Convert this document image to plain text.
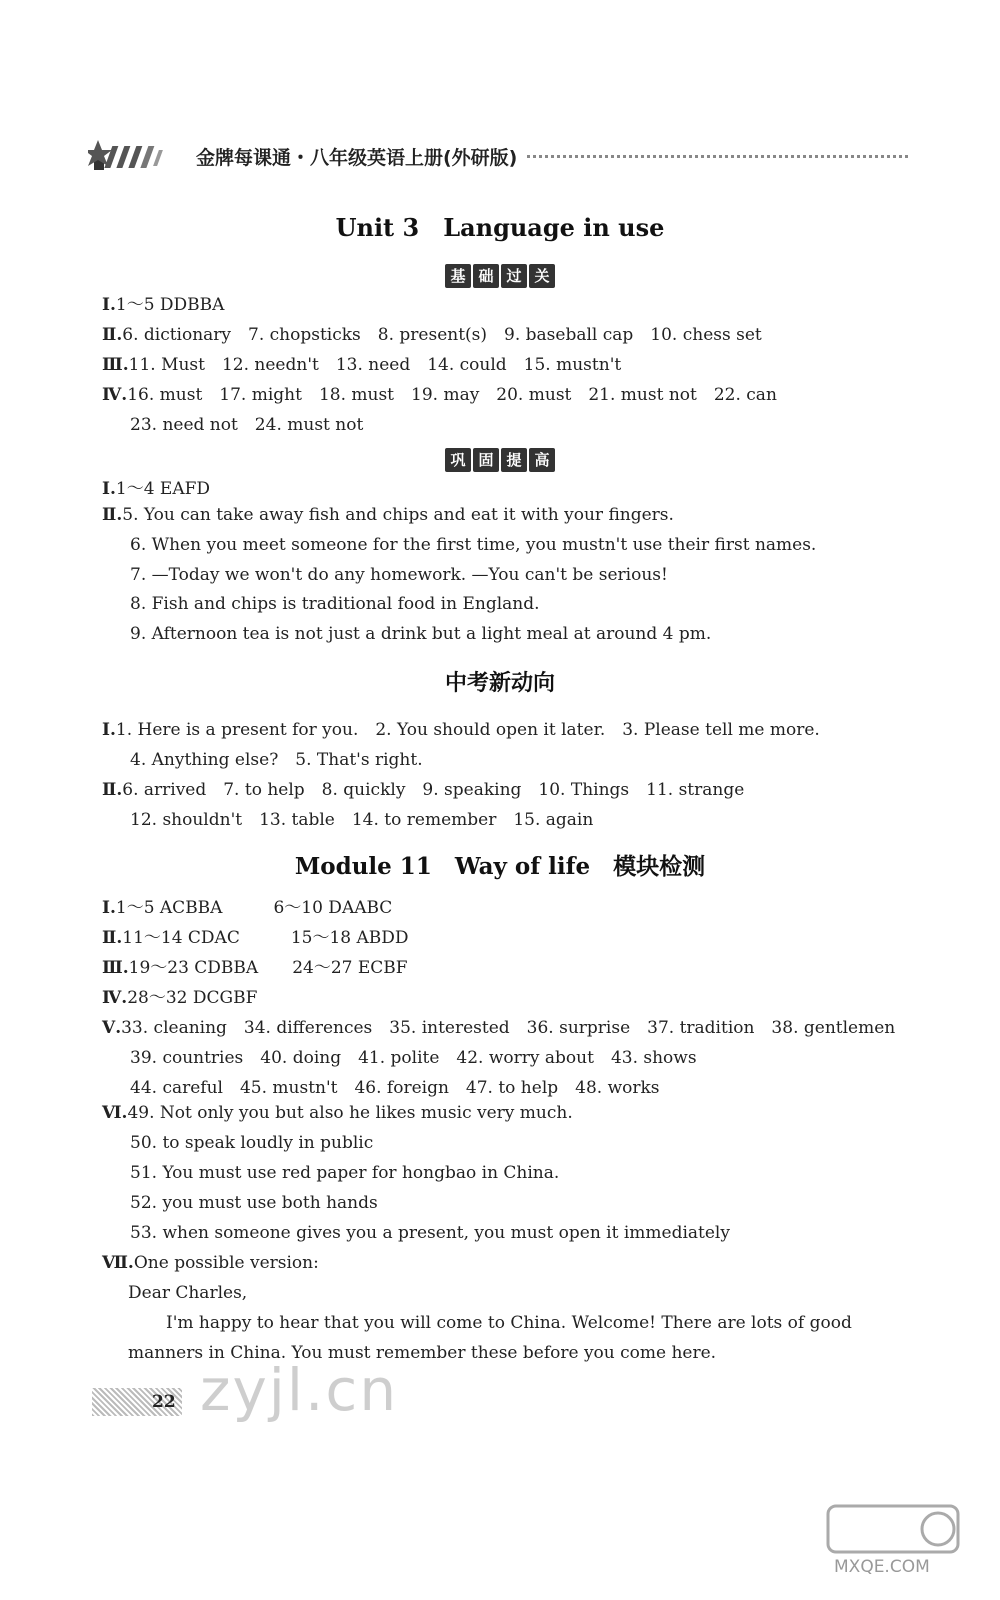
金牌每课通・八年级英语上册(外研版)
Unit 3　Language in use
基 础 过 关
Ⅰ.1～5 DDBBA
Ⅱ.6. dictionary　7. chopsticks　8. present(s)　9. baseball cap　10. chess set
Ⅲ.11. Must　12. needn't　13. need　14. could　15. mustn't
Ⅳ.16. must　17. might　18. must　19. may　20. must　21. must not　22. can
23. need not　24. must not
巩 固 提 高
Ⅰ.1～4 EAFD
Ⅱ.5. You can take away fish and chips and eat it with your fingers.
6. When you meet someone for the first time, you mustn't use their first names.
7. —Today we won't do any homework. —You can't be serious!
8. Fish and chips is traditional food in England.
9. Afternoon tea is not just a drink but a light meal at around 4 pm.
中考新动向
Ⅰ.1. Here is a present for you.　2. You should open it later.　3. Please tell me more.
4. Anything else?　5. That's right.
Ⅱ.6. arrived　7. to help　8. quickly　9. speaking　10. Things　11. strange
12. shouldn't　13. table　14. to remember　15. again
Module 11　Way of life　模块检测
Ⅰ.1～5 ACBBA　　　6～10 DAABC
Ⅱ.11～14 CDAC　　　15～18 ABDD
Ⅲ.19～23 CDBBA　　24～27 ECBF
Ⅳ.28～32 DCGBF
Ⅴ.33. cleaning　34. differences　35. interested　36. surprise　37. tradition　38. gentlemen
39. countries　40. doing　41. polite　42. worry about　43. shows
44. careful　45. mustn't　46. foreign　47. to help　48. works
Ⅵ.49. Not only you but also he likes music very much.
50. to speak loudly in public
51. You must use red paper for hongbao in China.
52. you must use both hands
53. when someone gives you a present, you must open it immediately
Ⅶ.One possible version:
Dear Charles,
I'm happy to hear that you will come to China. Welcome! There are lots of good
manners in China. You must remember these before you come here.
22 zyjl.cn
MXQE.COM
